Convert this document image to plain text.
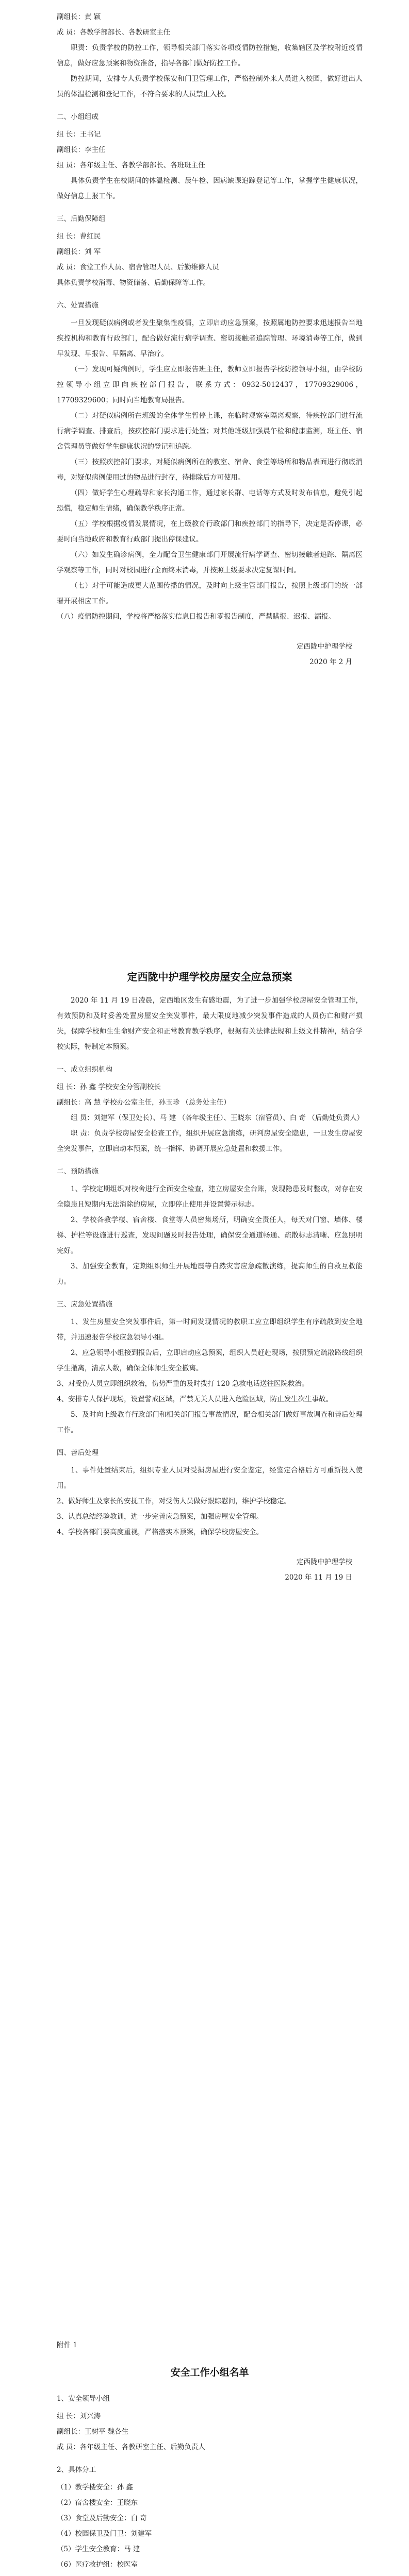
副组长：黄 颖

成 员：各教学部部长、各教研室主任

职责：负责学校的防控工作，领导相关部门落实各项疫情防控措施，收集辖区及学校附近疫情信息，做好应急预案和物资准备，指导各部门做好防控工作。

防控期间，安排专人负责学校保安和门卫管理工作，严格控制外来人员进入校园，做好进出人员的体温检测和登记工作，不符合要求的人员禁止入校。

二、小组组成

组 长：王书记

副组长：李主任

组 员：各年级主任、各教学部部长、各班班主任

具体负责学生在校期间的体温检测、晨午检、因病缺课追踪登记等工作，掌握学生健康状况，做好信息上报工作。

三、后勤保障组

组 长：曹红民

副组长：刘 军

成 员：食堂工作人员、宿舍管理人员、后勤维修人员

具体负责学校消毒、物资储备、后勤保障等工作。

六、处置措施

一旦发现疑似病例或者发生聚集性疫情，立即启动应急预案，按照属地防控要求迅速报告当地疾控机构和教育行政部门，配合做好流行病学调查、密切接触者追踪管理、环境消毒等工作，做到早发现、早报告、早隔离、早治疗。

（一）发现可疑病例时，学生应立即报告班主任，教师立即报告学校防控领导小组，由学校防控领导小组立即向疾控部门报告，联系方式：0932-5012437，17709329006，17709329600；同时向当地教育局报告。

（二）对疑似病例所在班级的全体学生暂停上课，在临时观察室隔离观察，待疾控部门进行流行病学调查、排查后，按疾控部门要求进行处置；对其他班级加强晨午检和健康监测，班主任、宿舍管理员等做好学生健康状况的登记和追踪。

（三）按照疾控部门要求，对疑似病例所在的教室、宿舍、食堂等场所和物品表面进行彻底消毒，对疑似病例使用过的物品进行封存，待排除后方可使用。

（四）做好学生心理疏导和家长沟通工作，通过家长群、电话等方式及时发布信息，避免引起恐慌，稳定师生情绪，确保教学秩序正常。

（五）学校根据疫情发展情况，在上级教育行政部门和疾控部门的指导下，决定是否停课，必要时向当地政府和教育行政部门提出停课建议。

（六）如发生确诊病例，全力配合卫生健康部门开展流行病学调查、密切接触者追踪、隔离医学观察等工作，同时对校园进行全面终末消毒，并按照上级要求决定复课时间。

（七）对于可能造成更大范围传播的情况，及时向上级主管部门报告，按照上级部门的统一部署开展相应工作。

（八）疫情防控期间，学校将严格落实信息日报告和零报告制度，严禁瞒报、迟报、漏报。

定西陇中护理学校

2020 年 2 月

定西陇中护理学校房屋安全应急预案

2020 年 11 月 19 日凌晨，定西地区发生有感地震，为了进一步加强学校房屋安全管理工作，有效预防和及时妥善处置房屋安全突发事件，最大限度地减少突发事件造成的人员伤亡和财产损失，保障学校师生生命财产安全和正常教育教学秩序，根据有关法律法规和上级文件精神，结合学校实际，特制定本预案。

一、成立组织机构

组 长：孙 鑫 学校安全分管副校长

副组长：高 慧 学校办公室主任，孙玉珍 （总务处主任）

组 员：刘建军（保卫处长）、马 建 （各年级主任）、王晓东（宿管员）、白 奇 （后勤处负责人）

职 责：负责学校房屋安全检查工作，组织开展应急演练，研判房屋安全隐患，一旦发生房屋安全突发事件，立即启动本预案，统一指挥、协调开展应急处置和救援工作。

二、预防措施

1、学校定期组织对校舍进行全面安全检查，建立房屋安全台账，发现隐患及时整改，对存在安全隐患且短期内无法消除的房屋，立即停止使用并设置警示标志。

2、学校各教学楼、宿舍楼、食堂等人员密集场所，明确安全责任人，每天对门窗、墙体、楼梯、护栏等设施进行巡查，发现问题及时报告处理，确保安全通道畅通、疏散标志清晰、应急照明完好。

3、加强安全教育，定期组织师生开展地震等自然灾害应急疏散演练，提高师生的自救互救能力。

三、应急处置措施

1、发生房屋安全突发事件后，第一时间发现情况的教职工应立即组织学生有序疏散到安全地带，并迅速报告学校应急领导小组。

2、应急领导小组接到报告后，立即启动应急预案，组织人员赶赴现场，按照预定疏散路线组织学生撤离，清点人数，确保全体师生安全撤离。

3、对受伤人员立即组织救治，伤势严重的及时拨打 120 急救电话送往医院救治。

4、安排专人保护现场，设置警戒区域，严禁无关人员进入危险区域，防止发生次生事故。

5、及时向上级教育行政部门和相关部门报告事故情况，配合相关部门做好事故调查和善后处理工作。

四、善后处理

1、事件处置结束后，组织专业人员对受损房屋进行安全鉴定，经鉴定合格后方可重新投入使用。

2、做好师生及家长的安抚工作，对受伤人员做好跟踪慰问，维护学校稳定。

3、认真总结经验教训，进一步完善应急预案，加强房屋安全管理。

4、学校各部门要高度重视，严格落实本预案，确保学校房屋安全。

定西陇中护理学校

2020 年 11 月 19 日

附件 1

安全工作小组名单

1、安全领导小组

组 长：刘兴涛

副组长：王树平 魏各生

成 员：各年级主任、各教研室主任、后勤负责人

2、具体分工

（1）教学楼安全：孙 鑫

（2）宿舍楼安全：王晓东

（3）食堂及后勤安全：白 奇

（4）校园保卫及门卫：刘建军

（5）学生安全教育：马 建

（6）医疗救护组：校医室
